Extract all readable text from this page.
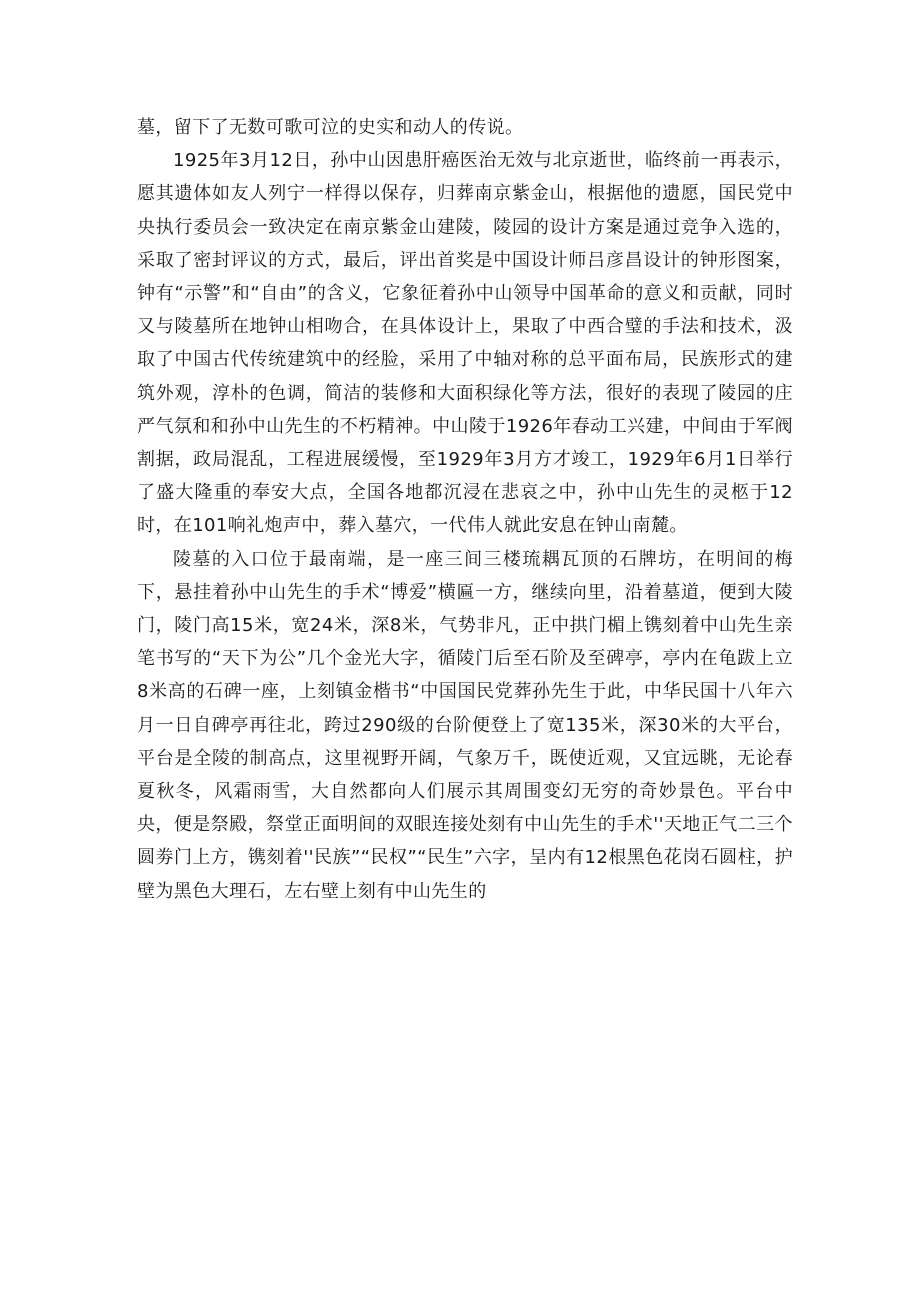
墓，留下了无数可歌可泣的史实和动人的传说。

1925年3月12日，孙中山因患肝癌医治无效与北京逝世，临终前一再表示，愿其遗体如友人列宁一样得以保存，归葬南京紫金山，根据他的遗愿，国民党中央执行委员会一致决定在南京紫金山建陵，陵园的设计方案是通过竞争入选的，采取了密封评议的方式，最后，评出首奖是中国设计师吕彦昌设计的钟形图案，钟有“示警”和“自由”的含义，它象征着孙中山领导中国革命的意义和贡献，同时又与陵墓所在地钟山相吻合，在具体设计上，果取了中西合璧的手法和技术，汲取了中国古代传统建筑中的经脸，采用了中轴对称的总平面布局，民族形式的建筑外观，淳朴的色调，简洁的装修和大面积绿化等方法，很好的表现了陵园的庄严气氛和和孙中山先生的不朽精神。中山陵于1926年春动工兴建，中间由于军阀割据，政局混乱，工程进展缓慢，至1929年3月方才竣工，1929年6月1日举行了盛大隆重的奉安大点，全国各地都沉浸在悲哀之中，孙中山先生的灵柩于12时，在101响礼炮声中，葬入墓穴，一代伟人就此安息在钟山南麓。

陵墓的入口位于最南端，是一座三间三楼琉耦瓦顶的石牌坊，在明间的梅下，悬挂着孙中山先生的手术“博爱”横匾一方，继续向里，沿着墓道，便到大陵门，陵门高15米，宽24米，深8米，气势非凡，正中拱门楣上镌刻着中山先生亲笔书写的“天下为公”几个金光大字，循陵门后至石阶及至碑亭，亭内在龟跋上立8米高的石碑一座，上刻镇金楷书“中国国民党葬孙先生于此，中华民国十八年六月一日自碑亭再往北，跨过290级的台阶便登上了宽135米，深30米的大平台，平台是全陵的制高点，这里视野开阔，气象万千，既使近观，又宜远眺，无论春夏秋冬，风霜雨雪，大自然都向人们展示其周围变幻无穷的奇妙景色。平台中央，便是祭殿，祭堂正面明间的双眼连接处刻有中山先生的手术''天地正气二三个圆劵门上方，镌刻着''民族”“民权”“民生”六字，呈内有12根黑色花岗石圆柱，护壁为黑色大理石，左右壁上刻有中山先生的
